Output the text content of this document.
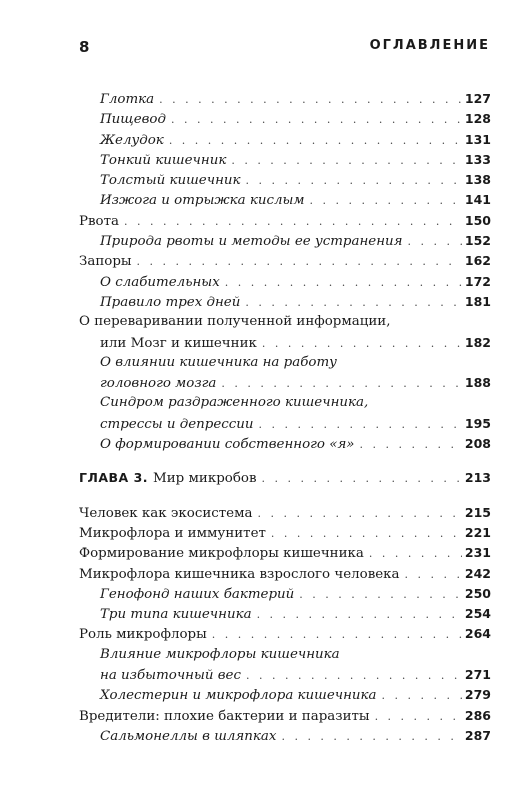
8	ОГЛАВЛЕНИЕ
Глотка . . .	127
Пищевод . . .	128
Желудок . . .	131
Тонкий кишечник . . .	133
Толстый кишечник . . .	138
Изжога и отрыжка кислым . . .	141
Рвота . . .	150
Природа рвоты и методы ее устранения . . .	152
Запоры . . .	162
О слабительных . . .	172
Правило трех дней . . .	181
О переваривании полученной информации,
или Мозг и кишечник . . .	182
О влиянии кишечника на работу
головного мозга . . .	188
Синдром раздраженного кишечника,
стрессы и депрессии . . .	195
О формировании собственного «я» . . .	208
ГЛАВА 3. Мир микробов . . .	213
Человек как экосистема . . .	215
Микрофлора и иммунитет . . .	221
Формирование микрофлоры кишечника . . .	231
Микрофлора кишечника взрослого человека . . .	242
Генофонд наших бактерий . . .	250
Три типа кишечника . . .	254
Роль микрофлоры . . .	264
Влияние микрофлоры кишечника
на избыточный вес . . .	271
Холестерин и микрофлора кишечника . . .	279
Вредители: плохие бактерии и паразиты . . .	286
Сальмонеллы в шляпках . . .	287
